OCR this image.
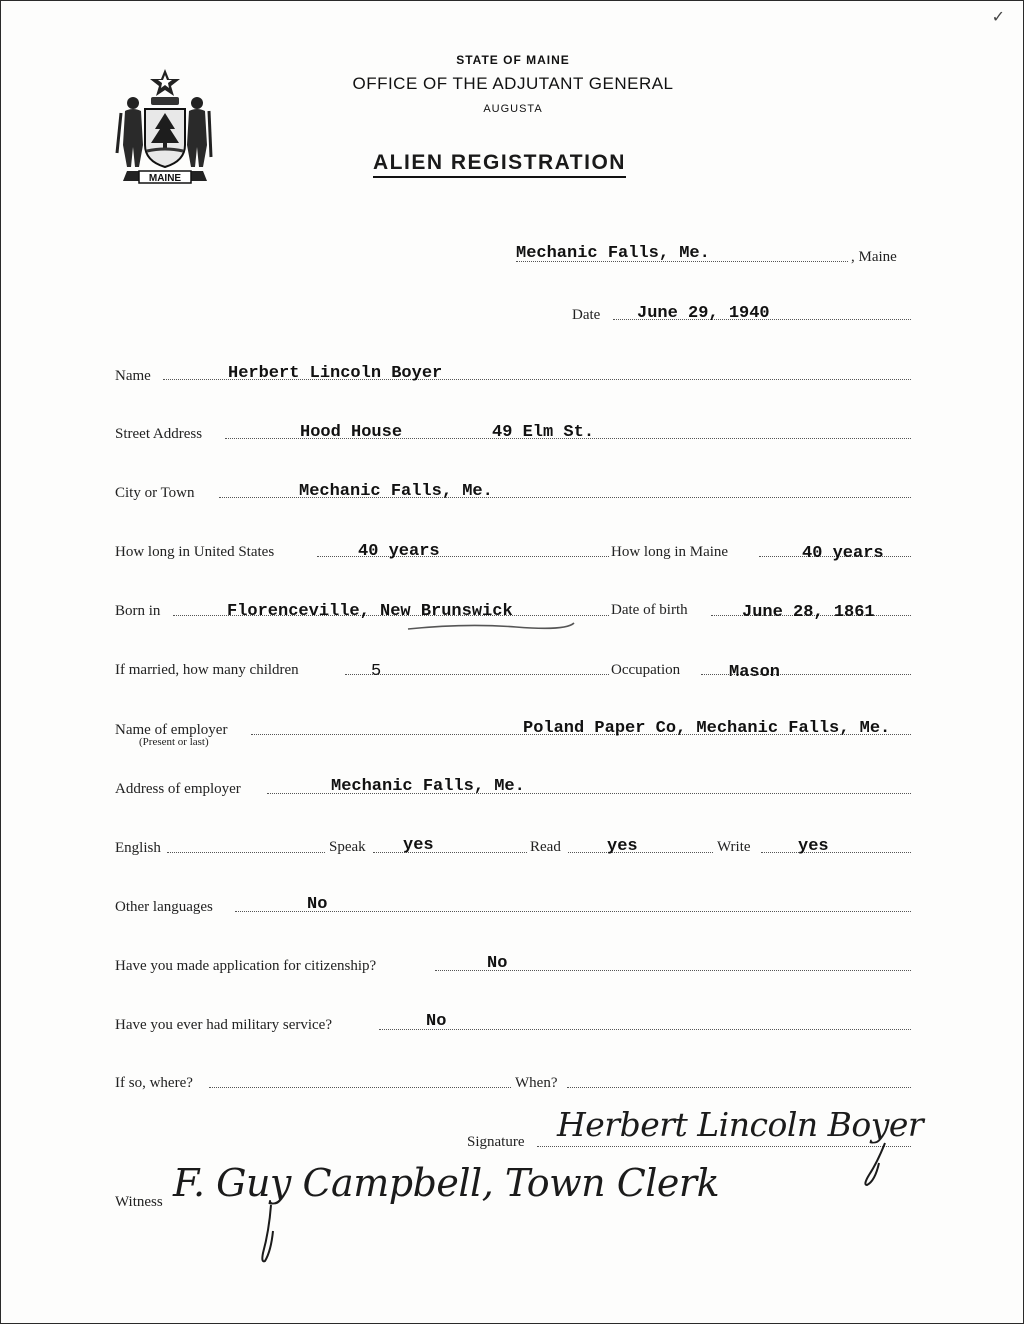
✓
MAINE
STATE OF MAINE
OFFICE OF THE ADJUTANT GENERAL
AUGUSTA
ALIEN REGISTRATION
Mechanic Falls, Me.	, Maine
Date June 29, 1940
Name	Herbert Lincoln Boyer
Street Address	Hood House	49 Elm St.
City or Town	Mechanic Falls, Me.
How long in United States	40 years	How long in Maine	40 years
Born in	Florenceville, New Brunswick	Date of birth	June 28, 1861
If married, how many children	5	Occupation	Mason
Name of employer
(Present or last)
Poland Paper Co, Mechanic Falls, Me.
Address of employer	Mechanic Falls, Me.
English	Speak yes	Read	yes	Write	yes
Other languages	No
Have you made application for citizenship?	No
Have you ever had military service?	No
If so, where?	When?
Signature Herbert Lincoln Boyer
Witness F. Guy Campbell, Town Clerk
